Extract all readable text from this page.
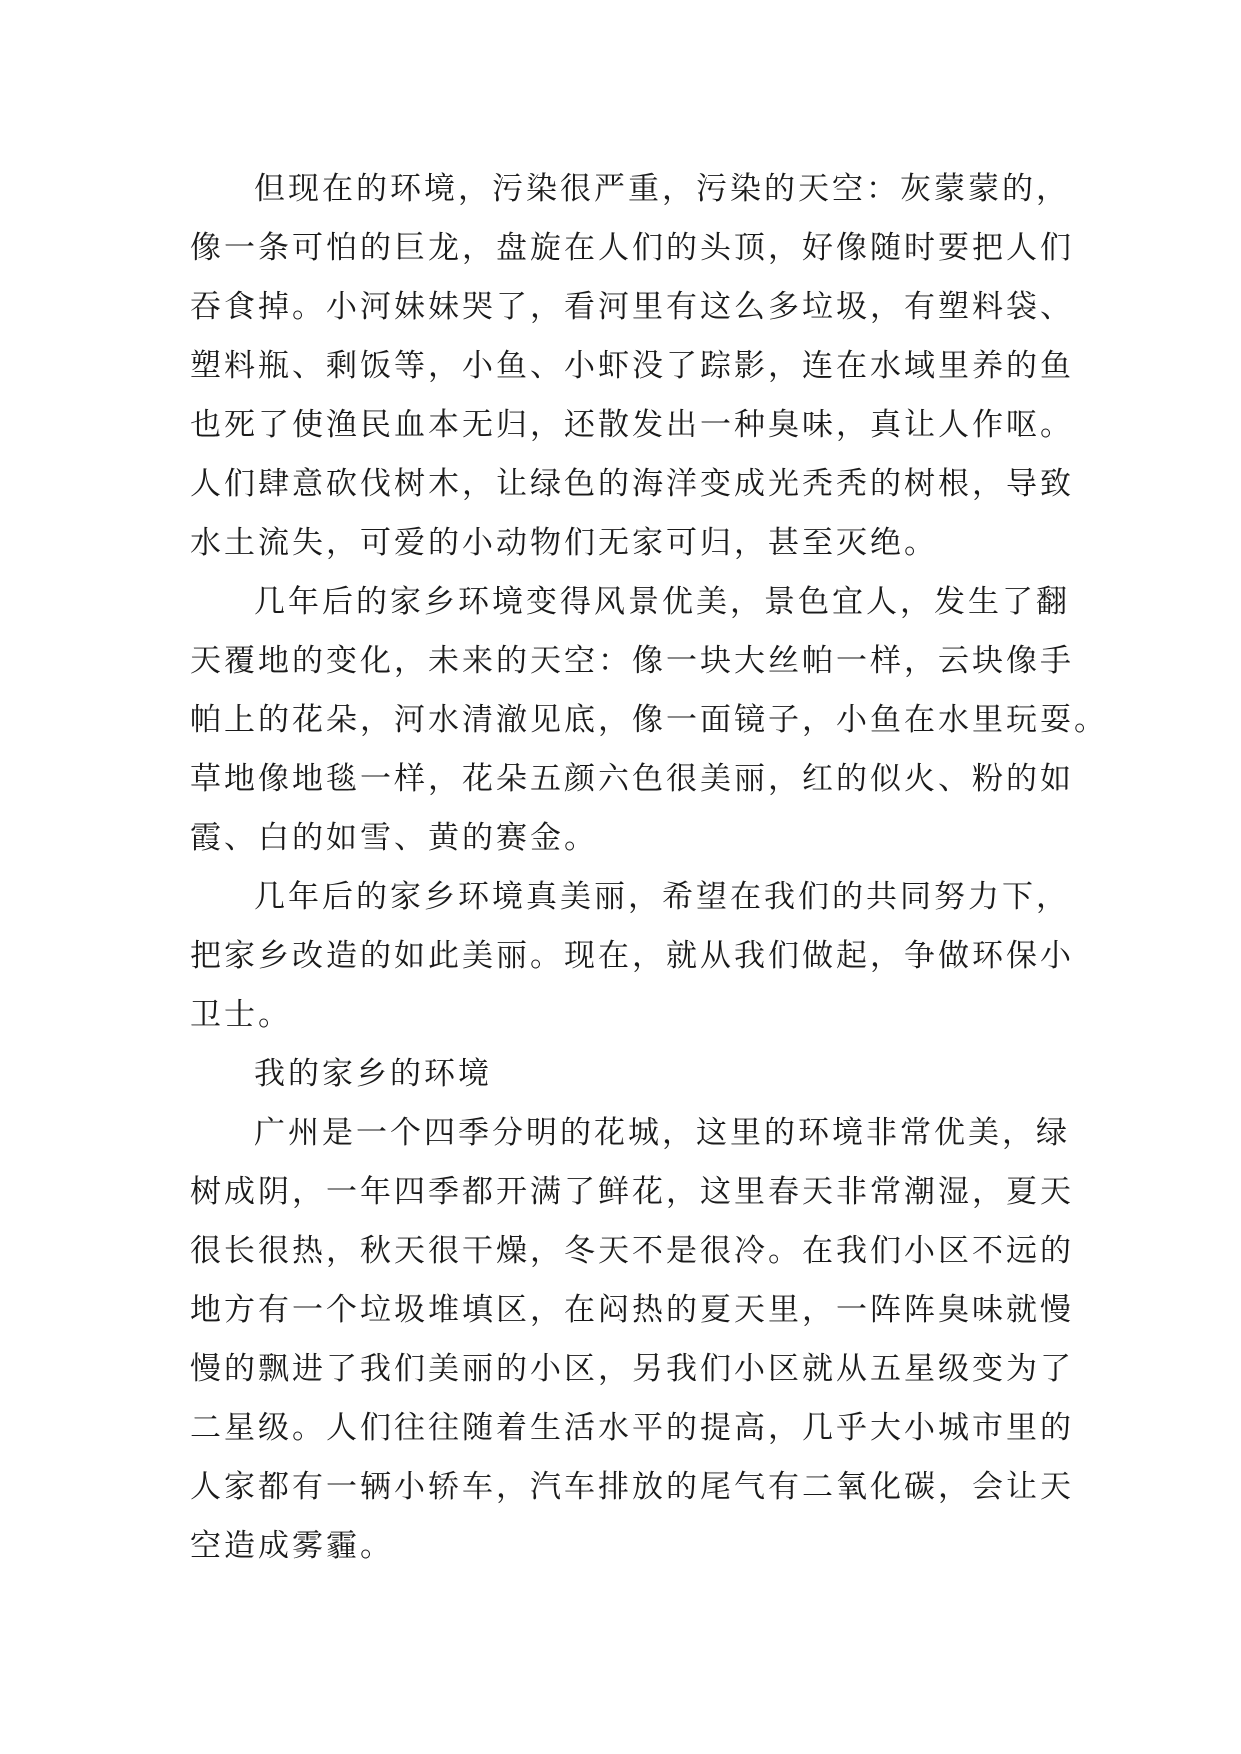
但现在的环境，污染很严重，污染的天空：灰蒙蒙的，
像一条可怕的巨龙，盘旋在人们的头顶，好像随时要把人们
吞食掉。小河妹妹哭了，看河里有这么多垃圾，有塑料袋、
塑料瓶、剩饭等，小鱼、小虾没了踪影，连在水域里养的鱼
也死了使渔民血本无归，还散发出一种臭味，真让人作呕。
人们肆意砍伐树木，让绿色的海洋变成光秃秃的树根，导致
水土流失，可爱的小动物们无家可归，甚至灭绝。
几年后的家乡环境变得风景优美，景色宜人，发生了翻
天覆地的变化，未来的天空：像一块大丝帕一样，云块像手
帕上的花朵，河水清澈见底，像一面镜子，小鱼在水里玩耍。
草地像地毯一样，花朵五颜六色很美丽，红的似火、粉的如
霞、白的如雪、黄的赛金。
几年后的家乡环境真美丽，希望在我们的共同努力下，
把家乡改造的如此美丽。现在，就从我们做起，争做环保小
卫士。
我的家乡的环境
广州是一个四季分明的花城，这里的环境非常优美，绿
树成阴，一年四季都开满了鲜花，这里春天非常潮湿，夏天
很长很热，秋天很干燥，冬天不是很冷。在我们小区不远的
地方有一个垃圾堆填区，在闷热的夏天里，一阵阵臭味就慢
慢的飘进了我们美丽的小区，另我们小区就从五星级变为了
二星级。人们往往随着生活水平的提高，几乎大小城市里的
人家都有一辆小轿车，汽车排放的尾气有二氧化碳，会让天
空造成雾霾。
